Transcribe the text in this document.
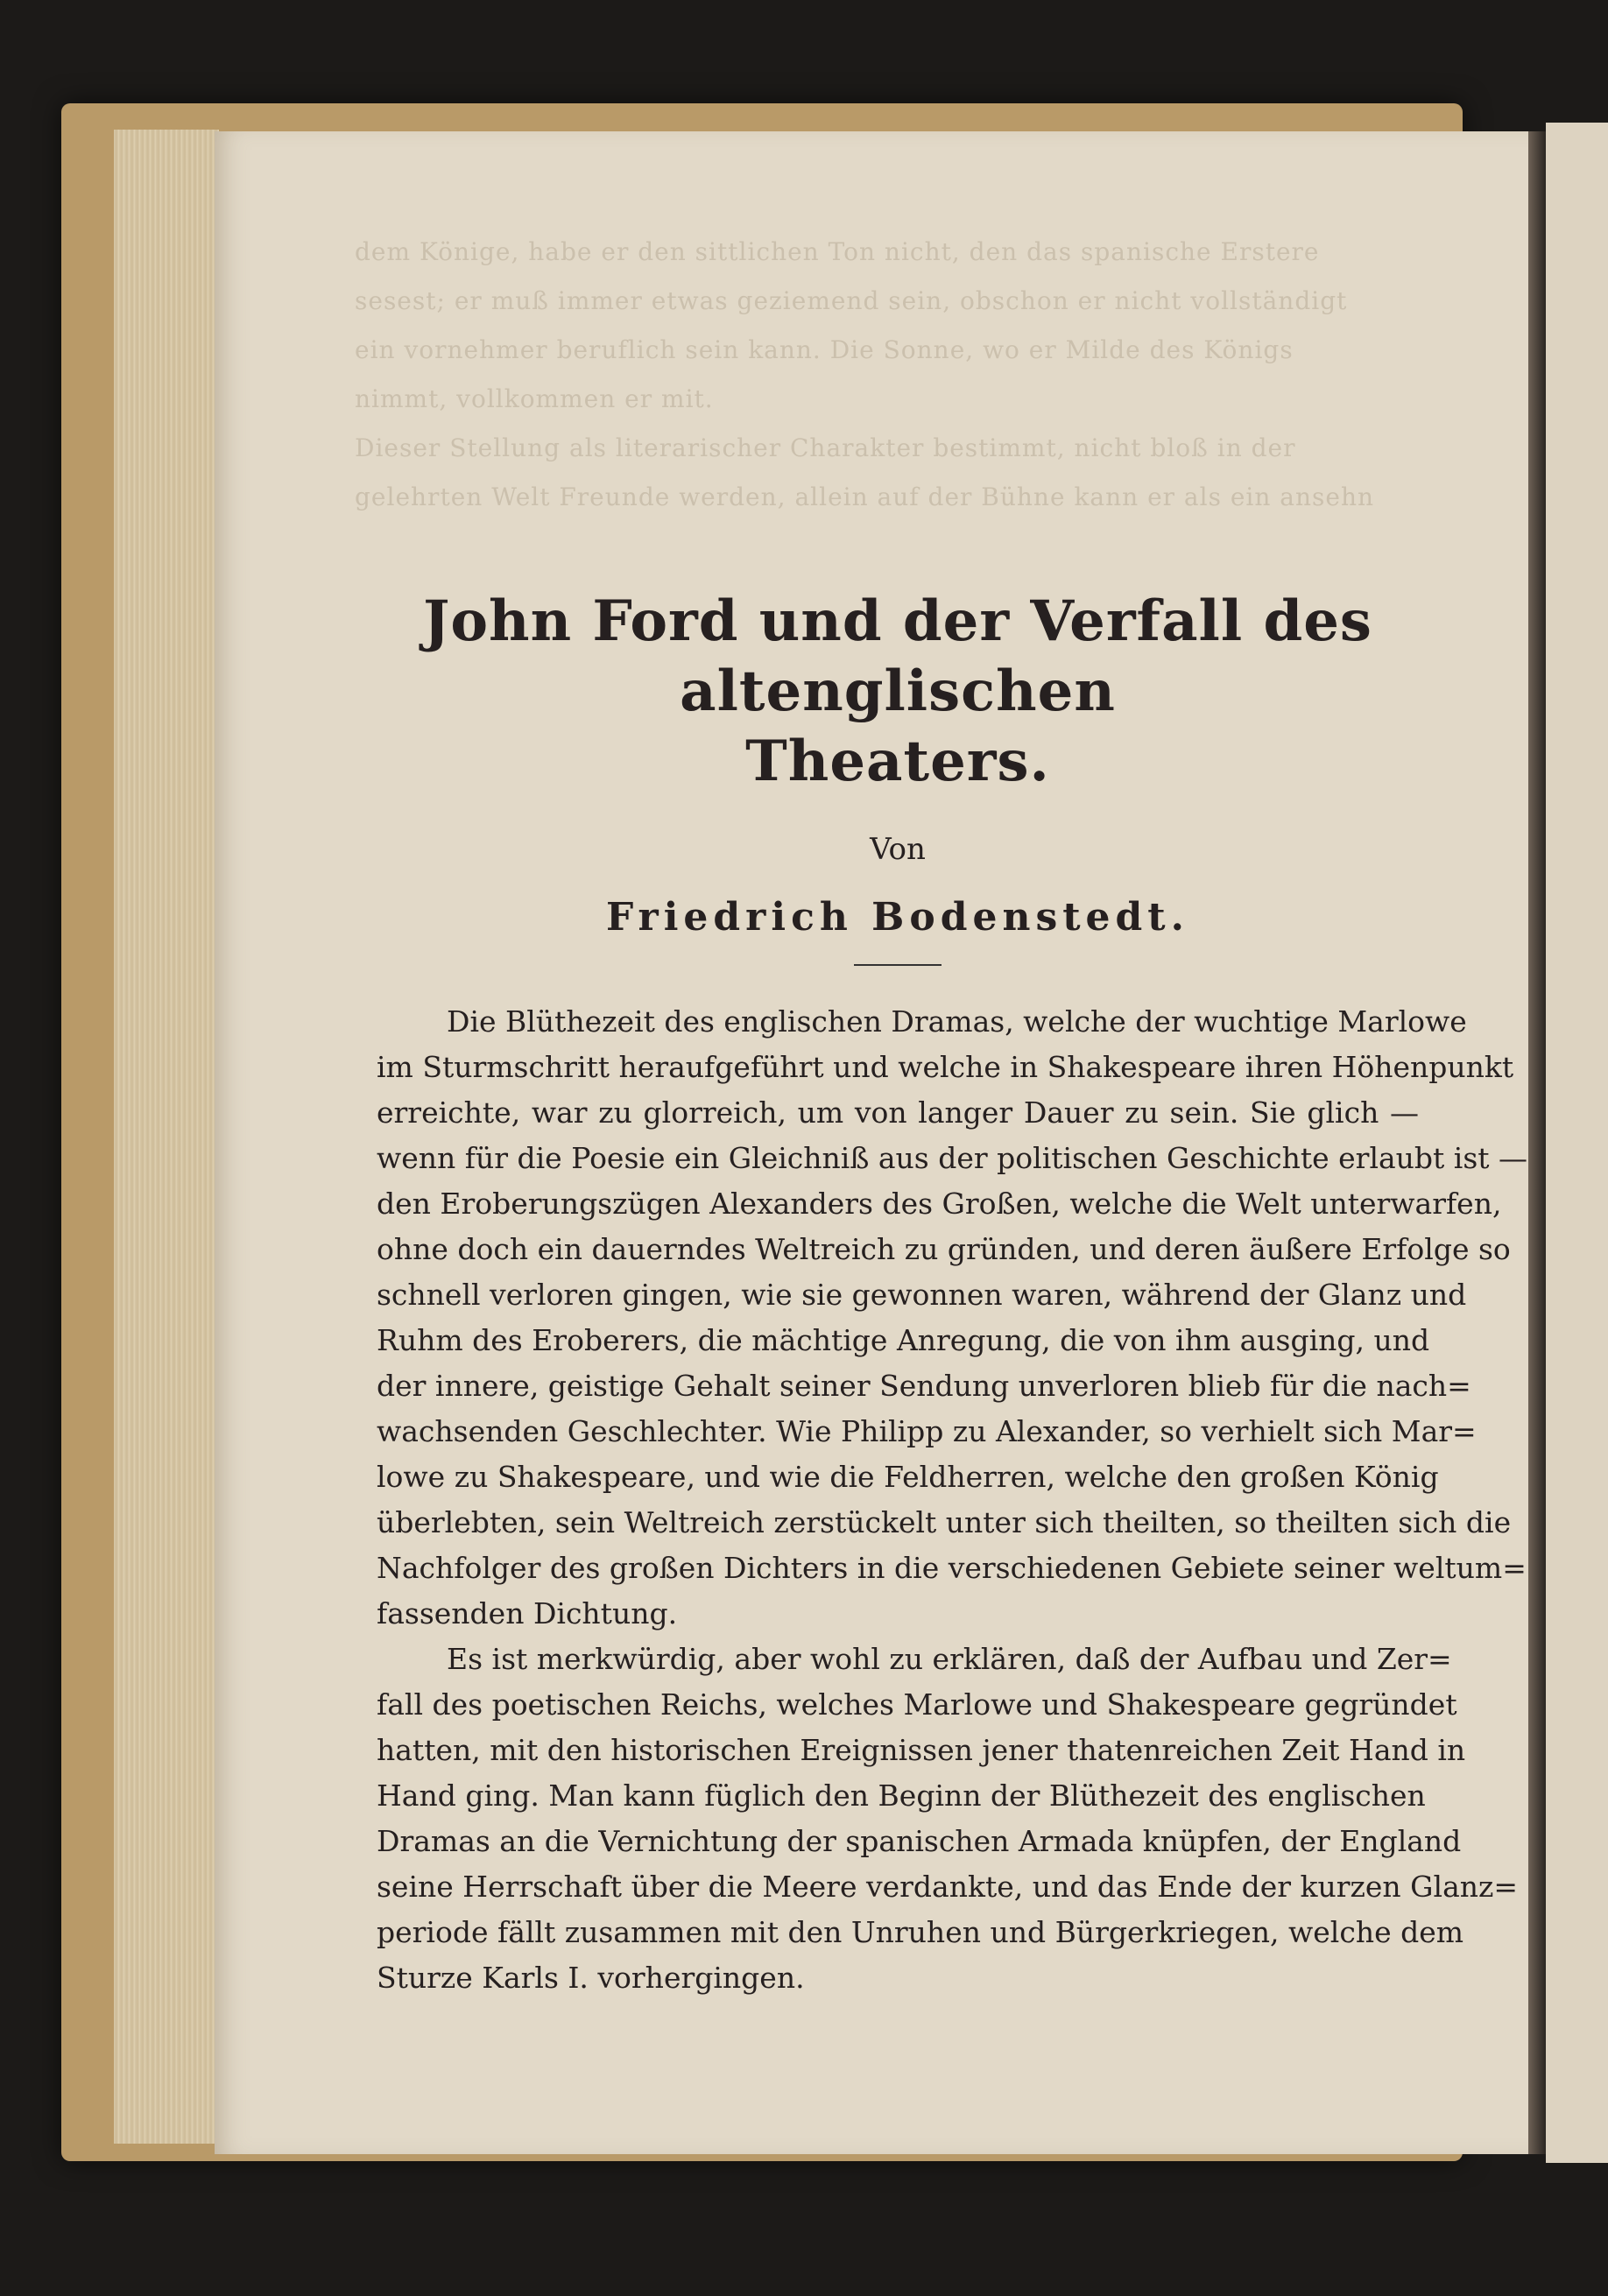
dem Könige, habe er den sittlichen Ton nicht, den das spanische Erstere
sesest; er muß immer etwas geziemend sein, obschon er nicht vollständigt
ein vornehmer beruflich sein kann. Die Sonne, wo er Milde des Königs
nimmt, vollkommen er mit.
Dieser Stellung als literarischer Charakter bestimmt, nicht bloß in der
gelehrten Welt Freunde werden, allein auf der Bühne kann er als ein ansehn
John Ford und der Verfall des altenglischen
Theaters.
Von
Friedrich Bodenstedt.
Die Blüthezeit des englischen Dramas, welche der wuchtige Marlowe
im Sturmschritt heraufgeführt und welche in Shakespeare ihren Höhenpunkt
erreichte, war zu glorreich, um von langer Dauer zu sein. Sie glich —
wenn für die Poesie ein Gleichniß aus der politischen Geschichte erlaubt ist —
den Eroberungszügen Alexanders des Großen, welche die Welt unterwarfen,
ohne doch ein dauerndes Weltreich zu gründen, und deren äußere Erfolge so
schnell verloren gingen, wie sie gewonnen waren, während der Glanz und
Ruhm des Eroberers, die mächtige Anregung, die von ihm ausging, und
der innere, geistige Gehalt seiner Sendung unverloren blieb für die nach=
wachsenden Geschlechter. Wie Philipp zu Alexander, so verhielt sich Mar=
lowe zu Shakespeare, und wie die Feldherren, welche den großen König
überlebten, sein Weltreich zerstückelt unter sich theilten, so theilten sich die
Nachfolger des großen Dichters in die verschiedenen Gebiete seiner weltum=
fassenden Dichtung.
Es ist merkwürdig, aber wohl zu erklären, daß der Aufbau und Zer=
fall des poetischen Reichs, welches Marlowe und Shakespeare gegründet
hatten, mit den historischen Ereignissen jener thatenreichen Zeit Hand in
Hand ging. Man kann füglich den Beginn der Blüthezeit des englischen
Dramas an die Vernichtung der spanischen Armada knüpfen, der England
seine Herrschaft über die Meere verdankte, und das Ende der kurzen Glanz=
periode fällt zusammen mit den Unruhen und Bürgerkriegen, welche dem
Sturze Karls I. vorhergingen.
